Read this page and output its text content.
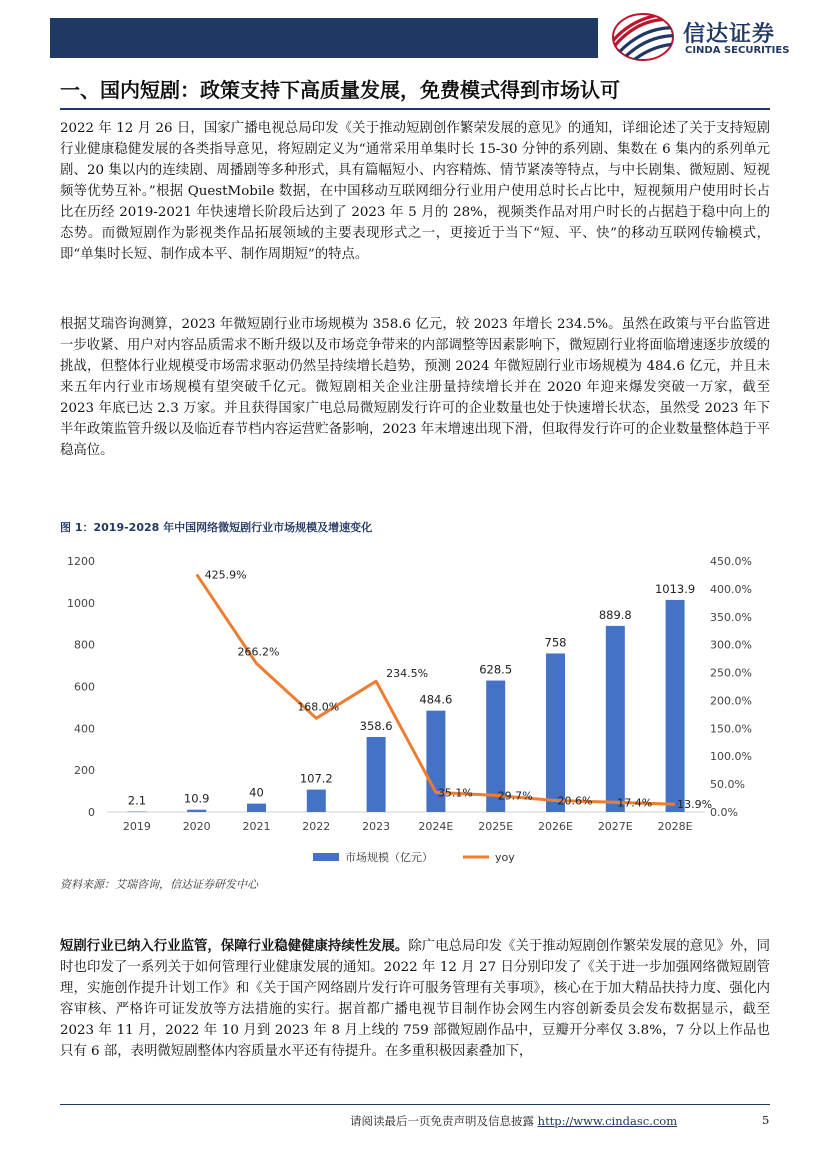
信达证券
CINDA SECURITIES
一、国内短剧：政策支持下高质量发展，免费模式得到市场认可

2022 年 12 月 26 日，国家广播电视总局印发《关于推动短剧创作繁荣发展的意见》的通知，详细论述了关于支持短剧行业健康稳健发展的各类指导意见，将短剧定义为“通常采用单集时长 15-30 分钟的系列剧、集数在 6 集内的系列单元剧、20 集以内的连续剧、周播剧等多种形式，具有篇幅短小、内容精炼、情节紧凑等特点，与中长剧集、微短剧、短视频等优势互补。”根据 QuestMobile 数据，在中国移动互联网细分行业用户使用总时长占比中，短视频用户使用时长占比在历经 2019-2021 年快速增长阶段后达到了 2023 年 5 月的 28%，视频类作品对用户时长的占据趋于稳中向上的态势。而微短剧作为影视类作品拓展领域的主要表现形式之一，更接近于当下“短、平、快”的移动互联网传输模式，即“单集时长短、制作成本平、制作周期短”的特点。

根据艾瑞咨询测算，2023 年微短剧行业市场规模为 358.6 亿元，较 2023 年增长 234.5%。虽然在政策与平台监管进一步收紧、用户对内容品质需求不断升级以及市场竞争带来的内部调整等因素影响下，微短剧行业将面临增速逐步放缓的挑战，但整体行业规模受市场需求驱动仍然呈持续增长趋势，预测 2024 年微短剧行业市场规模为 484.6 亿元，并且未来五年内行业市场规模有望突破千亿元。微短剧相关企业注册量持续增长并在 2020 年迎来爆发突破一万家，截至 2023 年底已达 2.3 万家。并且获得国家广电总局微短剧发行许可的企业数量也处于快速增长状态，虽然受 2023 年下半年政策监管升级以及临近春节档内容运营贮备影响，2023 年末增速出现下滑，但取得发行许可的企业数量整体趋于平稳高位。

图 1：2019-2028 年中国网络微短剧行业市场规模及增速变化
0
200
400
600
800
1000
1200
0.0%
50.0%
100.0%
150.0%
200.0%
250.0%
300.0%
350.0%
400.0%
450.0%
2019	2020	2021	2022	2023	2024E 2025E 2026E 2027E 2028E
2.1	10.9	40
107.2
358.6
484.6
628.5
758
889.8
1013.9
425.9%
266.2%
168.0%
234.5%
35.1% 29.7% 20.6% 17.4% 13.9%
市场规模（亿元）	yoy
资料来源：艾瑞咨询，信达证券研发中心

短剧行业已纳入行业监管，保障行业稳健健康持续性发展。除广电总局印发《关于推动短剧创作繁荣发展的意见》外，同时也印发了一系列关于如何管理行业健康发展的通知。2022 年 12 月 27 日分别印发了《关于进一步加强网络微短剧管理，实施创作提升计划工作》和《关于国产网络剧片发行许可服务管理有关事项》，核心在于加大精品扶持力度、强化内容审核、严格许可证发放等方法措施的实行。据首都广播电视节目制作协会网生内容创新委员会发布数据显示，截至 2023 年 11 月，2022 年 10 月到 2023 年 8 月上线的 759 部微短剧作品中，豆瓣开分率仅 3.8%，7 分以上作品也只有 6 部，表明微短剧整体内容质量水平还有待提升。在多重积极因素叠加下，

请阅读最后一页免责声明及信息披露 http://www.cindasc.com	5
